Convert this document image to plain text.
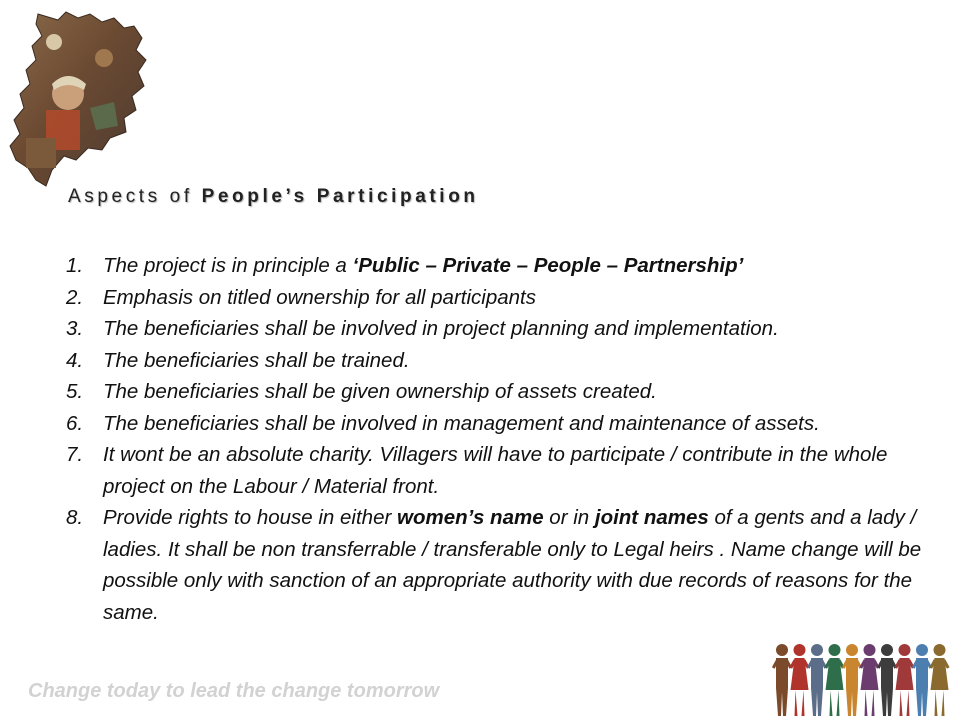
Aspects of People’s Participation
1. The project is in principle a ‘Public – Private – People – Partnership’
2. Emphasis on titled ownership for all participants
3. The beneficiaries shall be involved in project planning and implementation.
4. The beneficiaries shall be trained.
5. The beneficiaries shall be given ownership of assets created.
6. The beneficiaries shall be involved in management and maintenance of assets.
7. It wont be an absolute charity. Villagers will have to participate / contribute in the whole project on the Labour / Material front.
8. Provide rights to house in either women’s name or in joint names of a gents and a lady / ladies. It shall be non transferrable / transferable only to Legal heirs . Name change will be possible only with sanction of an appropriate authority with due records of reasons for the same.
Change today to lead the change tomorrow
